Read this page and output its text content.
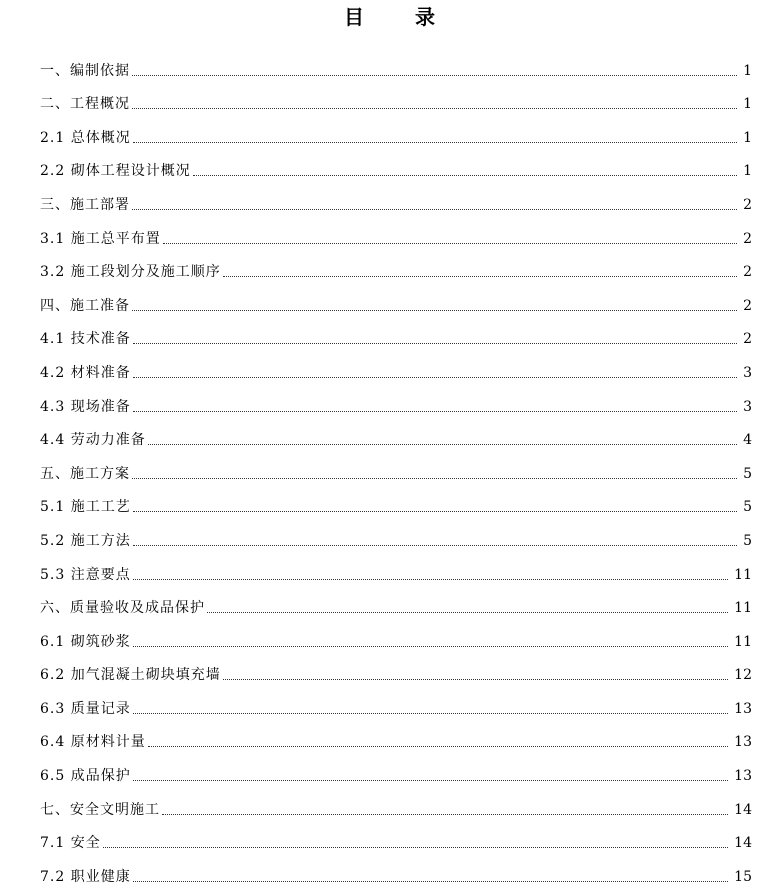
目 录
一、编制依据	1
二、工程概况	1
2.1 总体概况	1
2.2 砌体工程设计概况	1
三、施工部署	2
3.1 施工总平布置	2
3.2 施工段划分及施工顺序	2
四、施工准备	2
4.1 技术准备	2
4.2 材料准备	3
4.3 现场准备	3
4.4 劳动力准备	4
五、施工方案	5
5.1 施工工艺	5
5.2 施工方法	5
5.3 注意要点	11
六、质量验收及成品保护	11
6.1 砌筑砂浆	11
6.2 加气混凝土砌块填充墙	12
6.3 质量记录	13
6.4 原材料计量	13
6.5 成品保护	13
七、安全文明施工	14
7.1 安全	14
7.2 职业健康	15
